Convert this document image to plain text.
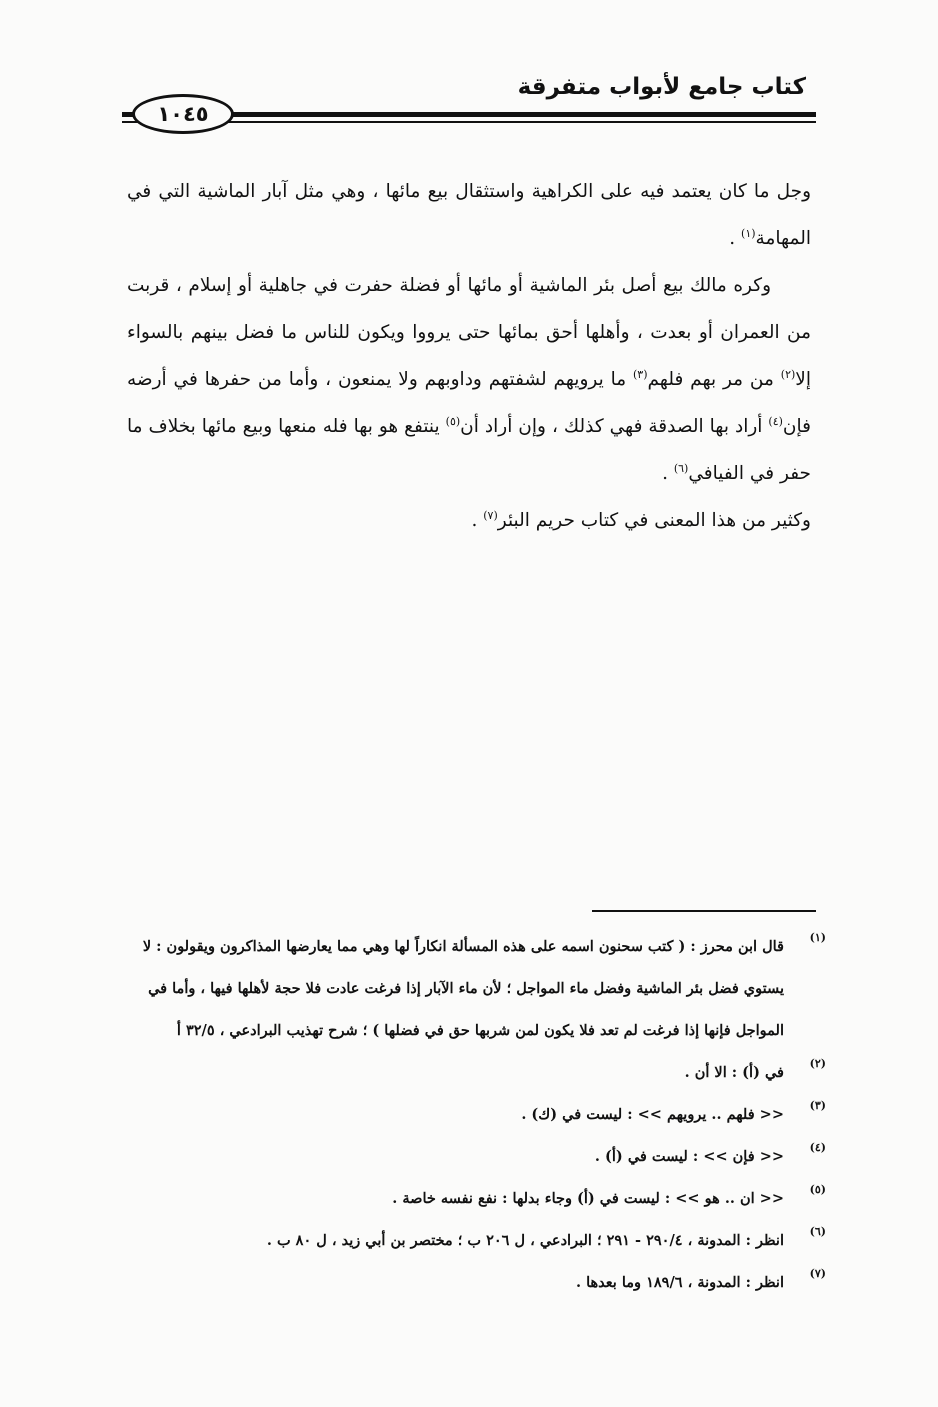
كتاب جامع لأبواب متفرقة
١٠٤٥

وجل ما كان يعتمد فيه على الكراهية واستثقال بيع مائها ، وهي مثل آبار الماشية التي في المهامة$^{(١)}$ .

وكره مالك بيع أصل بئر الماشية أو مائها أو فضلة حفرت في جاهلية أو إسلام ، قربت من العمران أو بعدت ، وأهلها أحق بمائها حتى يرووا ويكون للناس ما فضل بينهم بالسواء إلا$^{(٢)}$ من مر بهم فلهم$^{(٣)}$ ما يرويهم لشفتهم وداوبهم ولا يمنعون ، وأما من حفرها في أرضه فإن$^{(٤)}$ أراد بها الصدقة فهي كذلك ، وإن أراد أن$^{(٥)}$ ينتفع هو بها فله منعها وبيع مائها بخلاف ما حفر في الفيافي$^{(٦)}$ .

وكثير من هذا المعنى في كتاب حريم البئر$^{(٧)}$ .

(١)
قال ابن محرز : ( كتب سحنون اسمه على هذه المسألة انكاراً لها وهي مما يعارضها المذاكرون ويقولون : لا يستوي فضل بئر الماشية وفضل ماء المواجل ؛ لأن ماء الآبار إذا فرغت عادت فلا حجة لأهلها فيها ، وأما في المواجل فإنها إذا فرغت لم تعد فلا يكون لمن شربها حق في فضلها ) ؛ شرح تهذيب البرادعي ، ٣٢/٥ أ
(٢)
في (أ) : الا أن .
(٣)
<< فلهم .. يرويهم >> : ليست في (ك) .
(٤)
<< فإن >> : ليست في (أ) .
(٥)
<< ان .. هو >> : ليست في (أ) وجاء بدلها : نفع نفسه خاصة .
(٦)
انظر : المدونة ، ٢٩٠/٤ - ٢٩١ ؛ البرادعي ، ل ٢٠٦ ب ؛ مختصر بن أبي زيد ، ل ٨٠ ب .
(٧)
انظر : المدونة ، ١٨٩/٦ وما بعدها .
